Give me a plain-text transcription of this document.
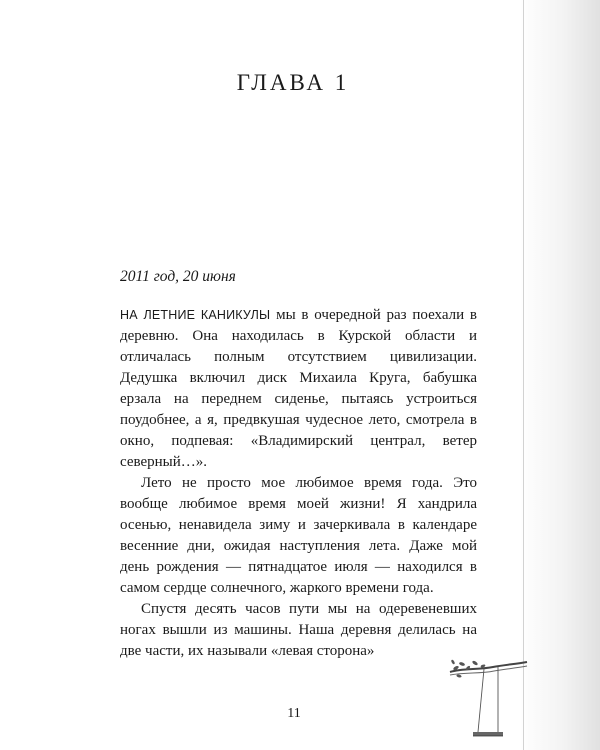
ГЛАВА 1
2011 год, 20 июня

НА ЛЕТНИЕ КАНИКУЛЫ мы в очередной раз поехали в деревню. Она находилась в Курской области и отличалась полным отсутствием цивилизации. Дедушка включил диск Михаила Круга, бабушка ерзала на переднем сиденье, пытаясь устроиться поудобнее, а я, предвкушая чудесное лето, смотрела в окно, подпевая: «Владимирский централ, ветер северный…».

Лето не просто мое любимое время года. Это вообще любимое время моей жизни! Я хандрила осенью, ненавидела зиму и зачеркивала в календаре весенние дни, ожидая наступления лета. Даже мой день рождения — пятнадцатое июля — находился в самом сердце солнечного, жаркого времени года.

Спустя десять часов пути мы на одеревеневших ногах вышли из машины. Наша деревня делилась на две части, их называли «левая сторона»

11
